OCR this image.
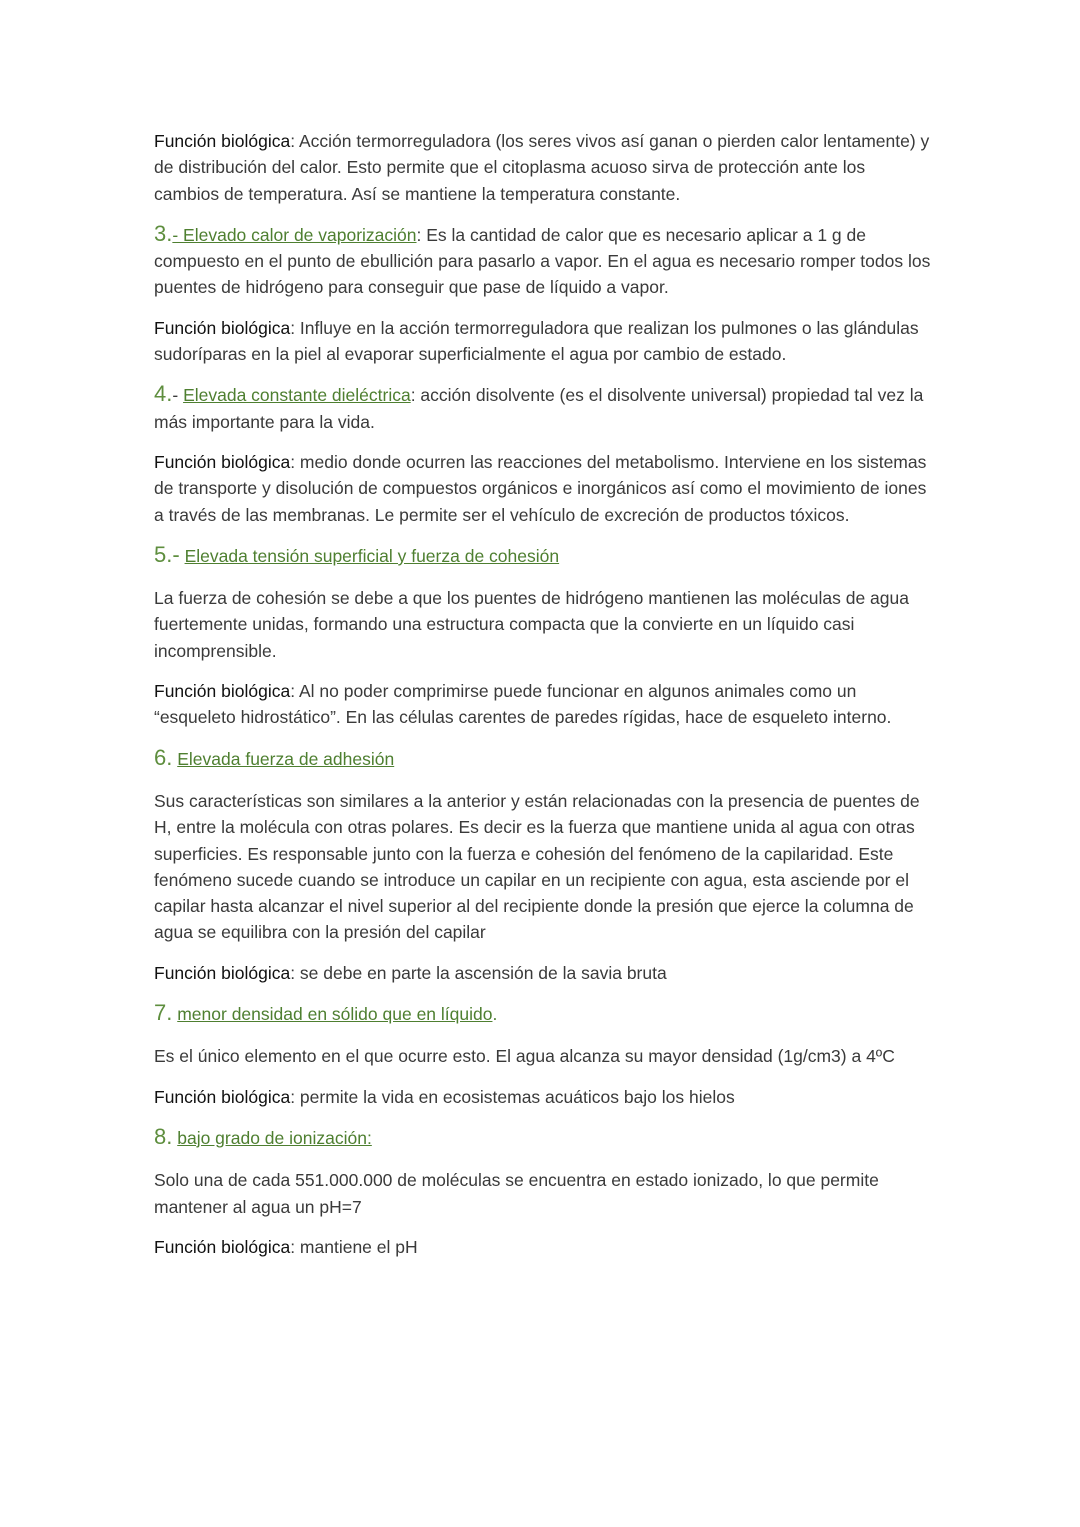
Función biológica: Acción termorreguladora (los seres vivos así ganan o pierden calor lentamente) y de distribución del calor. Esto permite que el citoplasma acuoso sirva de protección ante los cambios de temperatura. Así se mantiene la temperatura constante.

3.- Elevado calor de vaporización: Es la cantidad de calor que es necesario aplicar a 1 g de compuesto en el punto de ebullición para pasarlo a vapor. En el agua es necesario romper todos los puentes de hidrógeno para conseguir que pase de líquido a vapor.

Función biológica: Influye en la acción termorreguladora que realizan los pulmones o las glándulas sudoríparas en la piel al evaporar superficialmente el agua por cambio de estado.

4.- Elevada constante dieléctrica: acción disolvente (es el disolvente universal) propiedad tal vez la más importante para la vida.

Función biológica: medio donde ocurren las reacciones del metabolismo. Interviene en los sistemas de transporte y disolución de compuestos orgánicos e inorgánicos así como el movimiento de iones a través de las membranas. Le permite ser el vehículo de excreción de productos tóxicos.

5.- Elevada tensión superficial y fuerza de cohesión

La fuerza de cohesión se debe a que los puentes de hidrógeno mantienen las moléculas de agua fuertemente unidas, formando una estructura compacta que la convierte en un líquido casi incomprensible.

Función biológica: Al no poder comprimirse puede funcionar en algunos animales como un “esqueleto hidrostático”. En las células carentes de paredes rígidas, hace de esqueleto interno.

6. Elevada fuerza de adhesión

Sus características son similares a la anterior y están relacionadas con la presencia de puentes de H, entre la molécula con otras polares. Es decir es la fuerza que mantiene unida al agua con otras superficies. Es responsable junto con la fuerza e cohesión del fenómeno de la capilaridad. Este fenómeno sucede cuando se introduce un capilar en un recipiente con agua, esta asciende por el capilar hasta alcanzar el nivel superior al del recipiente donde la presión que ejerce la columna de agua se equilibra con la presión del capilar

Función biológica: se debe en parte la ascensión de la savia bruta

7. menor densidad en sólido que en líquido.

Es el único elemento en el que ocurre esto. El agua alcanza su mayor densidad (1g/cm3) a 4ºC

Función biológica: permite la vida en ecosistemas acuáticos bajo los hielos

8. bajo grado de ionización:

Solo una de cada 551.000.000 de moléculas se encuentra en estado ionizado, lo que permite mantener al agua un pH=7

Función biológica: mantiene el pH
